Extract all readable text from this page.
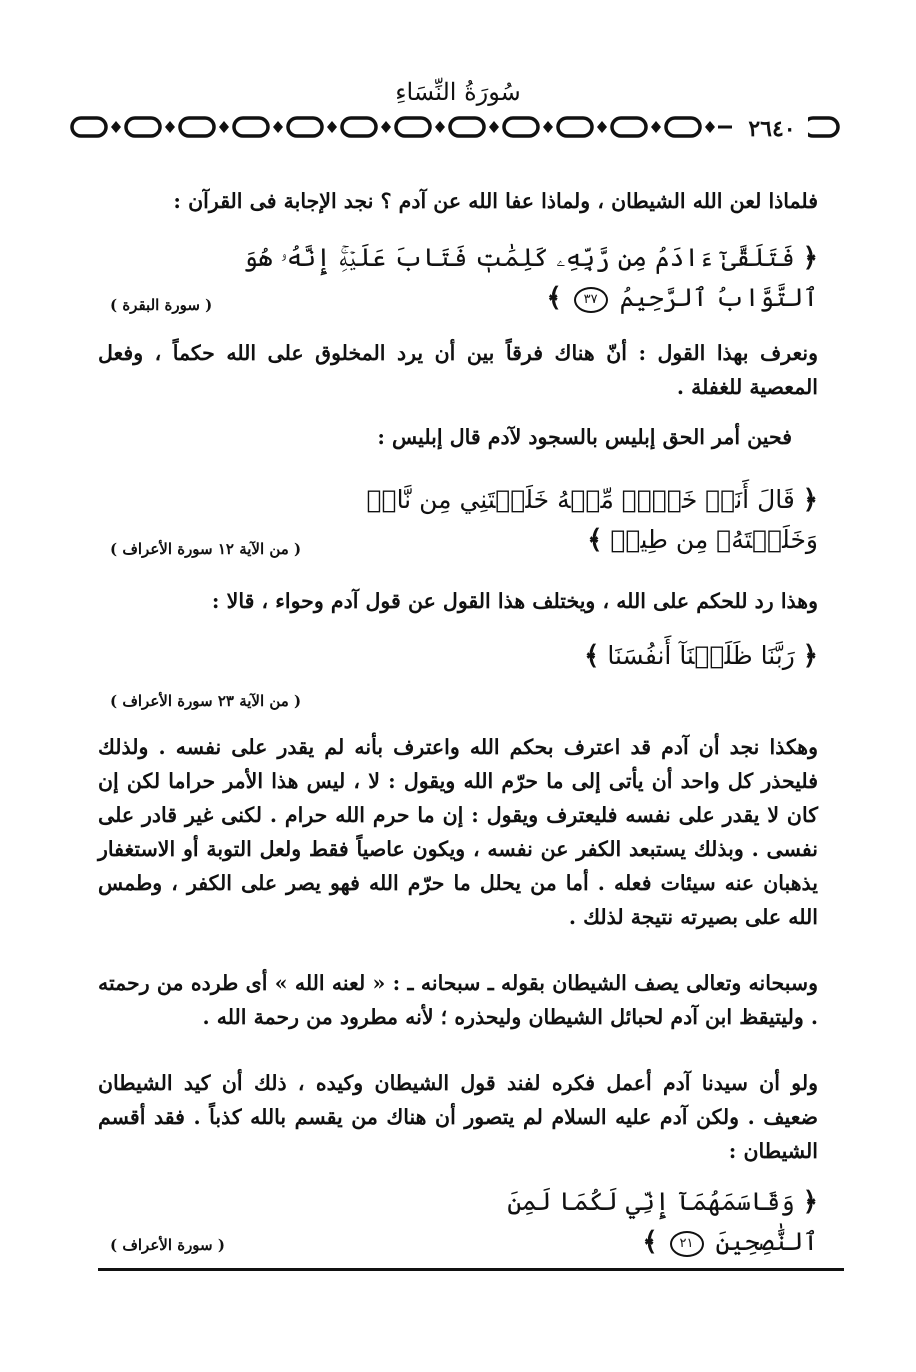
سُورَةُ النِّسَاءِ
٢٦٤٠
فلماذا لعن الله الشيطان ، ولماذا عفا الله عن آدم ؟ نجد الإجابة فى القرآن :
﴿ فَتَلَقَّىٰٓ ءَادَمُ مِن رَّبِّهِۦ كَلِمَٰتٖ فَتَابَ عَلَيۡهِۚ إِنَّهُۥ هُوَ ٱلتَّوَّابُ ٱلرَّحِيمُ ٣٧ ﴾
( سورة البقرة )
ونعرف بهذا القول : أنّ هناك فرقاً بين أن يرد المخلوق على الله حكماً ، وفعل المعصية للغفلة .
فحين أمر الحق إبليس بالسجود لآدم قال إبليس :
﴿ قَالَ أَنَا۠ خَيۡرٞ مِّنۡهُ خَلَقۡتَنِي مِن نَّارٖ وَخَلَقۡتَهُۥ مِن طِينٖ ﴾
( من الآية ١٢ سورة الأعراف )
وهذا رد للحكم على الله ، ويختلف هذا القول عن قول آدم وحواء ، قالا :
﴿ رَبَّنَا ظَلَمۡنَآ أَنفُسَنَا ﴾
( من الآية ٢٣ سورة الأعراف )
وهكذا نجد أن آدم قد اعترف بحكم الله واعترف بأنه لم يقدر على نفسه . ولذلك فليحذر كل واحد أن يأتى إلى ما حرّم الله ويقول : لا ، ليس هذا الأمر حراما لكن إن كان لا يقدر على نفسه فليعترف ويقول : إن ما حرم الله حرام . لكنى غير قادر على نفسى . وبذلك يستبعد الكفر عن نفسه ، ويكون عاصياً فقط ولعل التوبة أو الاستغفار يذهبان عنه سيئات فعله . أما من يحلل ما حرّم الله فهو يصر على الكفر ، وطمس الله على بصيرته نتيجة لذلك .
وسبحانه وتعالى يصف الشيطان بقوله ـ سبحانه ـ : « لعنه الله » أى طرده من رحمته . وليتيقظ ابن آدم لحبائل الشيطان وليحذره ؛ لأنه مطرود من رحمة الله .
ولو أن سيدنا آدم أعمل فكره لفند قول الشيطان وكيده ، ذلك أن كيد الشيطان ضعيف . ولكن آدم عليه السلام لم يتصور أن هناك من يقسم بالله كذباً . فقد أقسم الشيطان :
﴿ وَقَاسَمَهُمَآ إِنِّي لَكُمَا لَمِنَ ٱلنَّٰصِحِينَ ٢١ ﴾
( سورة الأعراف )
